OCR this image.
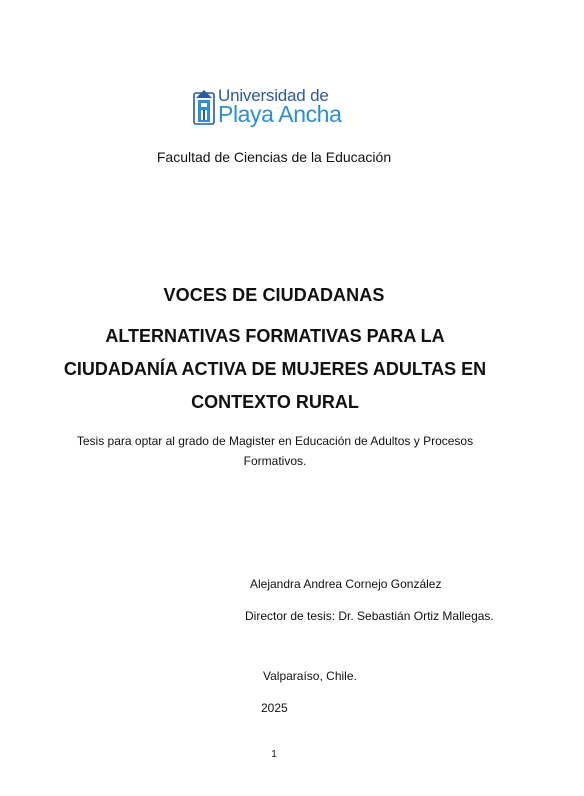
Universidad de
Playa Ancha
Facultad de Ciencias de la Educación
VOCES DE CIUDADANAS
ALTERNATIVAS FORMATIVAS PARA LA
CIUDADANÍA ACTIVA DE MUJERES ADULTAS EN
CONTEXTO RURAL
Tesis para optar al grado de Magister en Educación de Adultos y Procesos
Formativos.
Alejandra Andrea Cornejo González
Director de tesis: Dr. Sebastián Ortiz Mallegas.
Valparaíso, Chile.
2025
1
